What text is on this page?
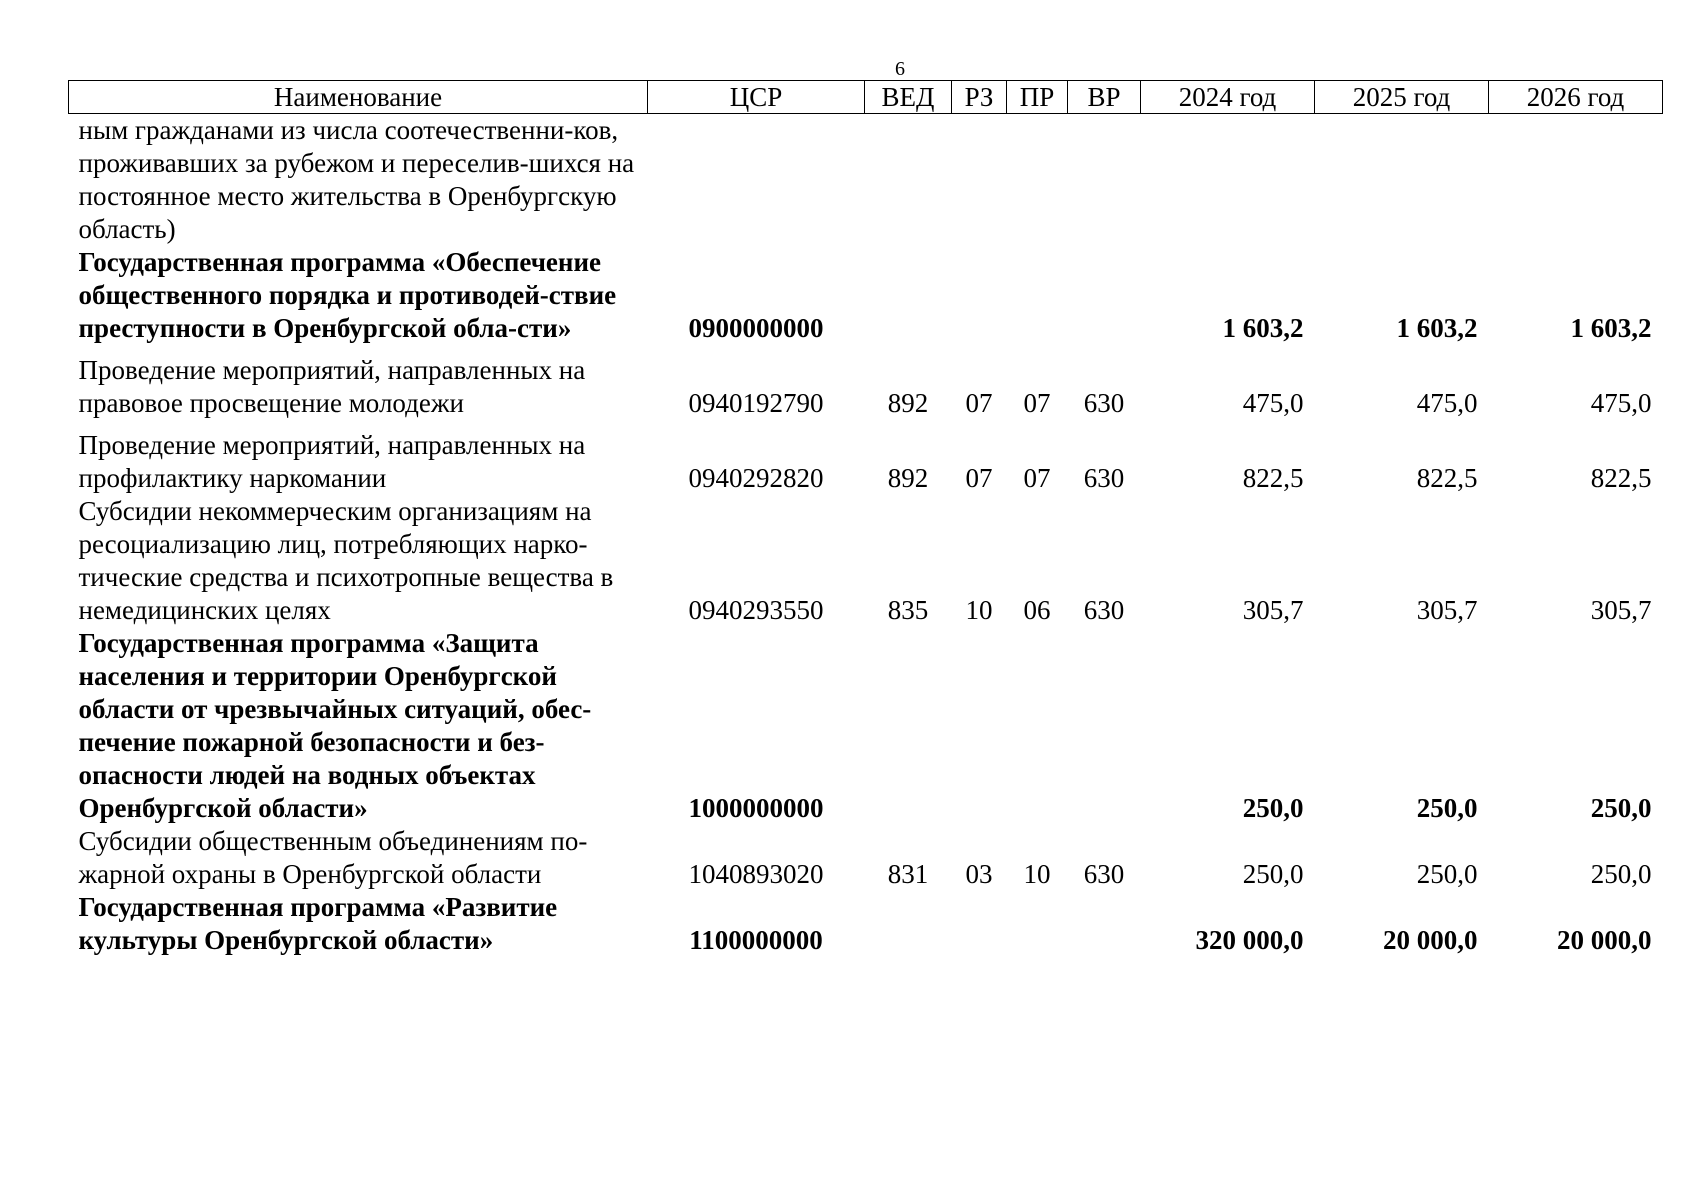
6
Наименование	ЦСР	ВЕД	РЗ	ПР	ВР	2024 год	2025 год	2026 год
ным гражданами из числа соотечественни-ков, проживавших за рубежом и переселив-шихся на постоянное место жительства в Оренбургскую область)								
Государственная программа «Обеспечение общественного порядка и противодей-ствие преступности в Оренбургской обла-сти»	0900000000					1 603,2	1 603,2	1 603,2
Проведение мероприятий, направленных на правовое просвещение молодежи	0940192790	892	07	07	630	475,0	475,0	475,0
Проведение мероприятий, направленных на профилактику наркомании	0940292820	892	07	07	630	822,5	822,5	822,5
Субсидии некоммерческим организациям на ресоциализацию лиц, потребляющих нарко-тические средства и психотропные вещества в немедицинских целях	0940293550	835	10	06	630	305,7	305,7	305,7
Государственная программа «Защита населения и территории Оренбургской области от чрезвычайных ситуаций, обес-печение пожарной безопасности и без-опасности людей на водных объектах Оренбургской области»	1000000000					250,0	250,0	250,0
Субсидии общественным объединениям по-жарной охраны в Оренбургской области	1040893020	831	03	10	630	250,0	250,0	250,0
Государственная программа «Развитие культуры Оренбургской области»	1100000000					320 000,0	20 000,0	20 000,0
